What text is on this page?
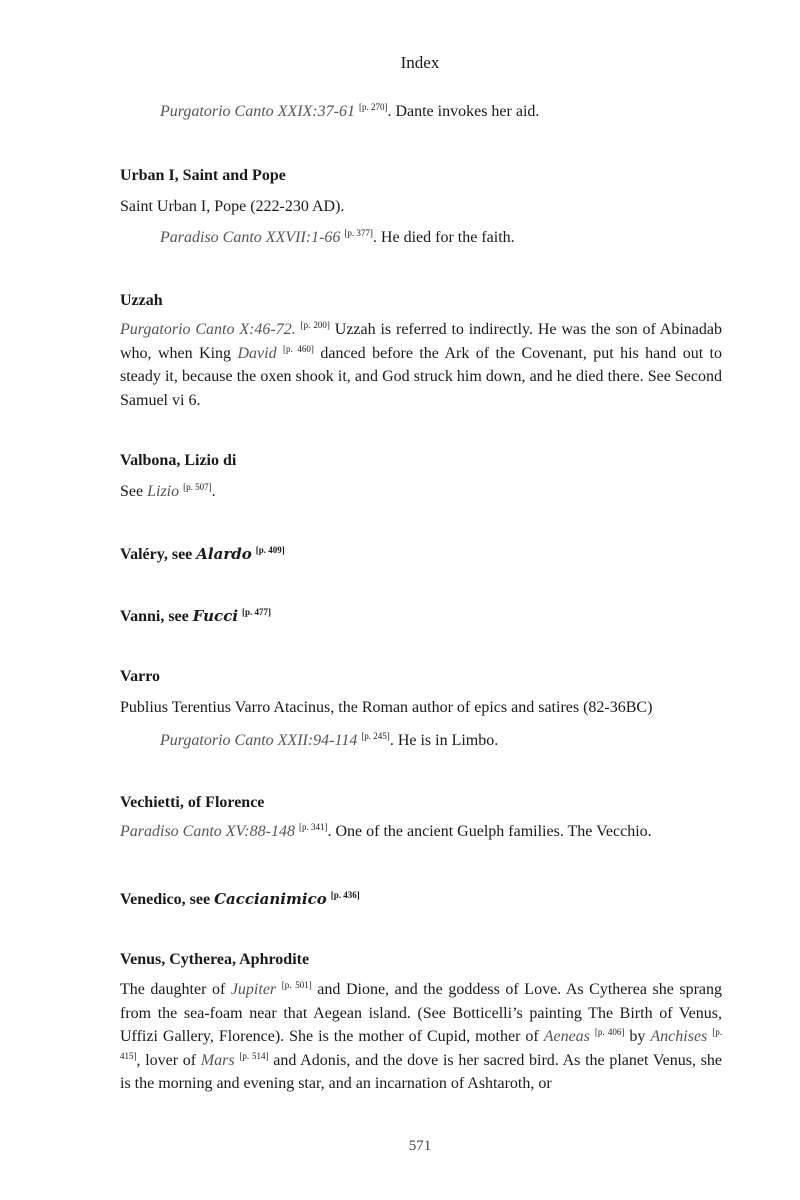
Index
Purgatorio Canto XXIX:37-61 [p. 270]. Dante invokes her aid.
Urban I, Saint and Pope
Saint Urban I, Pope (222-230 AD).
Paradiso Canto XXVII:1-66 [p. 377]. He died for the faith.
Uzzah
Purgatorio Canto X:46-72. [p. 200] Uzzah is referred to indirectly. He was the son of Abinadab who, when King David [p. 460] danced before the Ark of the Covenant, put his hand out to steady it, because the oxen shook it, and God struck him down, and he died there. See Second Samuel vi 6.
Valbona, Lizio di
See Lizio [p. 507].
Valéry, see Alardo [p. 409]
Vanni, see Fucci [p. 477]
Varro
Publius Terentius Varro Atacinus, the Roman author of epics and satires (82-36BC)
Purgatorio Canto XXII:94-114 [p. 245]. He is in Limbo.
Vechietti, of Florence
Paradiso Canto XV:88-148 [p. 341]. One of the ancient Guelph families. The Vecchio.
Venedico, see Caccianimico [p. 436]
Venus, Cytherea, Aphrodite
The daughter of Jupiter [p. 501] and Dione, and the goddess of Love. As Cytherea she sprang from the sea-foam near that Aegean island. (See Botticelli’s painting The Birth of Venus, Uffizi Gallery, Florence). She is the mother of Cupid, mother of Aeneas [p. 406] by Anchises [p. 415], lover of Mars [p. 514] and Adonis, and the dove is her sacred bird. As the planet Venus, she is the morning and evening star, and an incarnation of Ashtaroth, or
571
